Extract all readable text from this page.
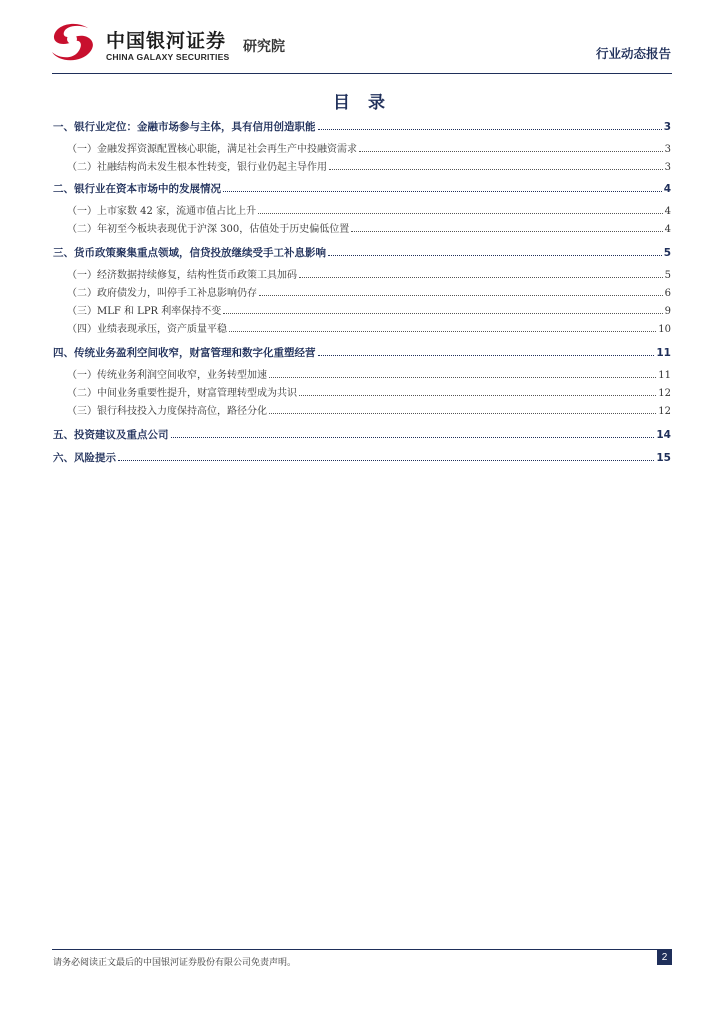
中国银河证券
CHINA GALAXY SECURITIES
研究院	行业动态报告
目 录
一、银行业定位：金融市场参与主体，具有信用创造职能	3
（一）金融发挥资源配置核心职能，满足社会再生产中投融资需求	3
（二）社融结构尚未发生根本性转变，银行业仍起主导作用	3
二、银行业在资本市场中的发展情况	4
（一）上市家数 42 家，流通市值占比上升	4
（二）年初至今板块表现优于沪深 300，估值处于历史偏低位置	4
三、货币政策聚集重点领域，信贷投放继续受手工补息影响	5
（一）经济数据持续修复，结构性货币政策工具加码	5
（二）政府债发力，叫停手工补息影响仍存	6
（三）MLF 和 LPR 利率保持不变	9
（四）业绩表现承压，资产质量平稳	10
四、传统业务盈利空间收窄，财富管理和数字化重塑经营	11
（一）传统业务利润空间收窄，业务转型加速	11
（二）中间业务重要性提升，财富管理转型成为共识	12
（三）银行科技投入力度保持高位，路径分化	12
五、投资建议及重点公司	14
六、风险提示	15
请务必阅读正文最后的中国银河证券股份有限公司免责声明。	2
